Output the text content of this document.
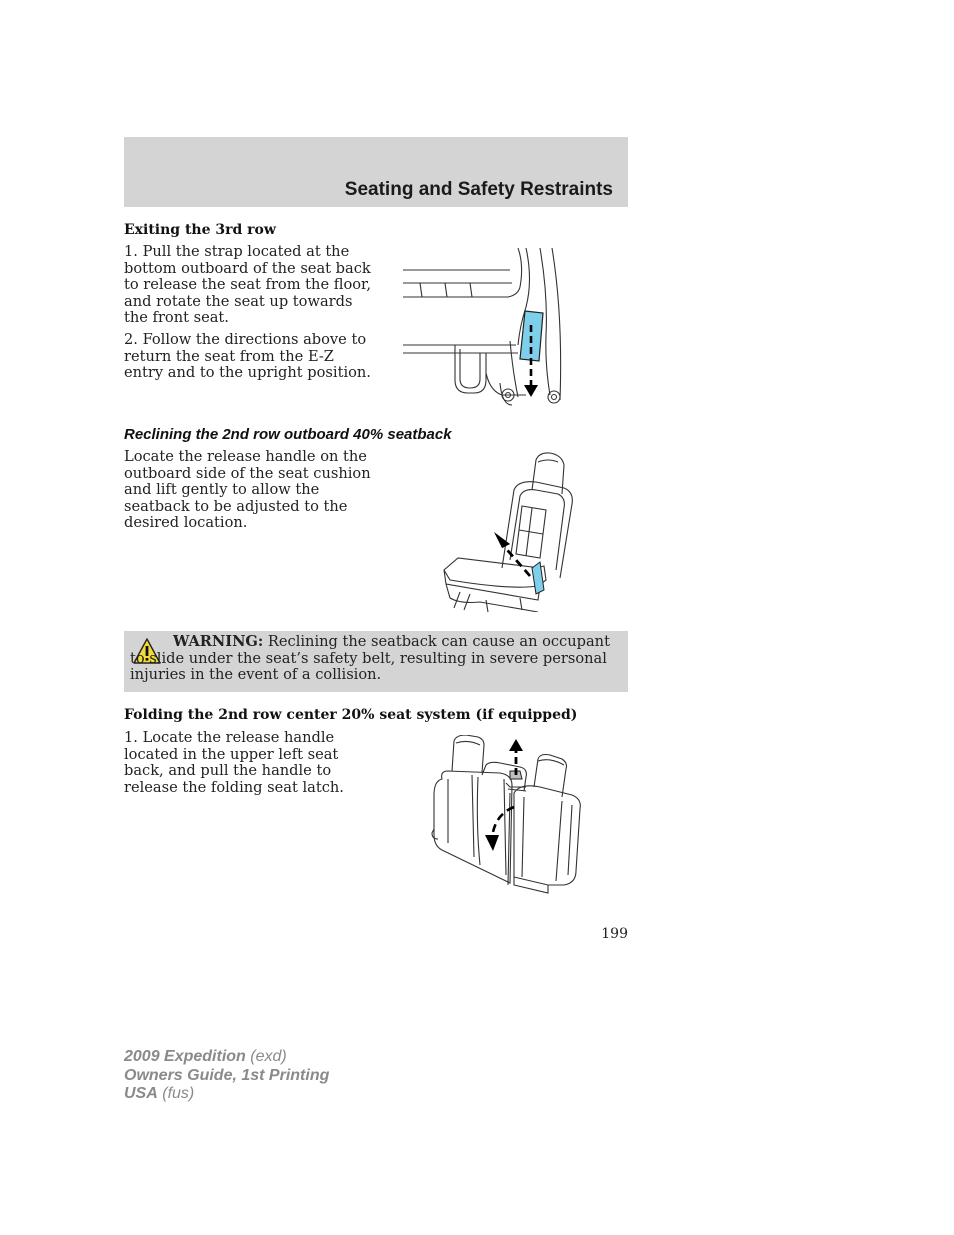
Seating and Safety Restraints
Exiting the 3rd row
1. Pull the strap located at the bottom outboard of the seat back to release the seat from the floor, and rotate the seat up towards the front seat.
2. Follow the directions above to return the seat from the E-Z entry and to the upright position.
Reclining the 2nd row outboard 40% seatback
Locate the release handle on the outboard side of the seat cushion and lift gently to allow the seatback to be adjusted to the desired location.
WARNING: Reclining the seatback can cause an occupant to slide under the seat’s safety belt, resulting in severe personal injuries in the event of a collision.
Folding the 2nd row center 20% seat system (if equipped)
1. Locate the release handle located in the upper left seat back, and pull the handle to release the folding seat latch.
199
2009 Expedition (exd)
Owners Guide, 1st Printing
USA (fus)
